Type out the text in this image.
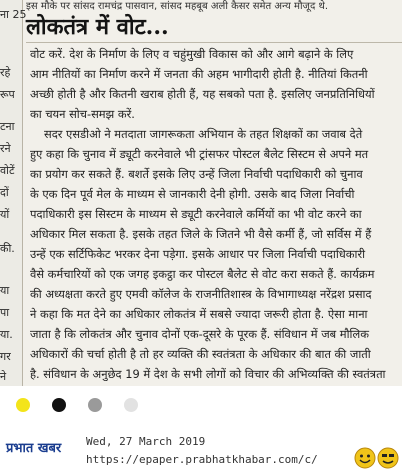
ना 25
रहे
रूप
टना
रने
वोटें
दों
यों
की.
या
पा
या.
गर
ने
इस मौके पर सांसद रामचंद्र पासवान, सांसद महबूब अली कैसर समेत अन्य मौजूद थे.
लोकतंत्र में वोट...
वोट करें. देश के निर्माण के लिए व चहुंमुखी विकास को और आगे बढ़ाने के लिए
आम नीतियों का निर्माण करने में जनता की अहम भागीदारी होती है. नीतियां कितनी
अच्छी होती है और कितनी खराब होती हैं, यह सबको पता है. इसलिए जनप्रतिनिधियों
का चयन सोच-समझ करें.
सदर एसडीओ ने मतदाता जागरूकता अभियान के तहत शिक्षकों का जवाब देते
हुए कहा कि चुनाव में ड्यूटी करनेवाले भी ट्रांसफर पोस्टल बैलेट सिस्टम से अपने मत
का प्रयोग कर सकते हैं. बशर्ते इसके लिए उन्हें जिला निर्वाची पदाधिकारी को चुनाव
के एक दिन पूर्व मेल के माध्यम से जानकारी देनी होगी. उसके बाद जिला निर्वाची
पदाधिकारी इस सिस्टम के माध्यम से ड्यूटी करनेवाले कर्मियों का भी वोट करने का
अधिकार मिल सकता है. इसके तहत जिले के जितने भी वैसे कर्मी हैं, जो सर्विस में हैं
उन्हें एक सर्टिफिकेट भरकर देना पड़ेगा. इसके आधार पर जिला निर्वाची पदाधिकारी
वैसे कर्मचारियों को एक जगह इकट्ठा कर पोस्टल बैलेट से वोट करा सकते हैं. कार्यक्रम
की अध्यक्षता करते हुए एमवी कॉलेज के राजनीतिशास्त्र के विभागाध्यक्ष नरेंद्रश प्रसाद
ने कहा कि मत देने का अधिकार लोकतंत्र में सबसे ज्यादा जरूरी होता है. ऐसा माना
जाता है कि लोकतंत्र और चुनाव दोनों एक-दूसरे के पूरक हैं. संविधान में जब मौलिक
अधिकारों की चर्चा होती है तो हर व्यक्ति की स्वतंत्रता के अधिकार की बात की जाती
है. संविधान के अनुछेद 19 में देश के सभी लोगों को विचार की अभिव्यक्ति की स्वतंत्रता
प्रभात खबर	Wed, 27 March 2019
https://epaper.prabhatkhabar.com/c/
